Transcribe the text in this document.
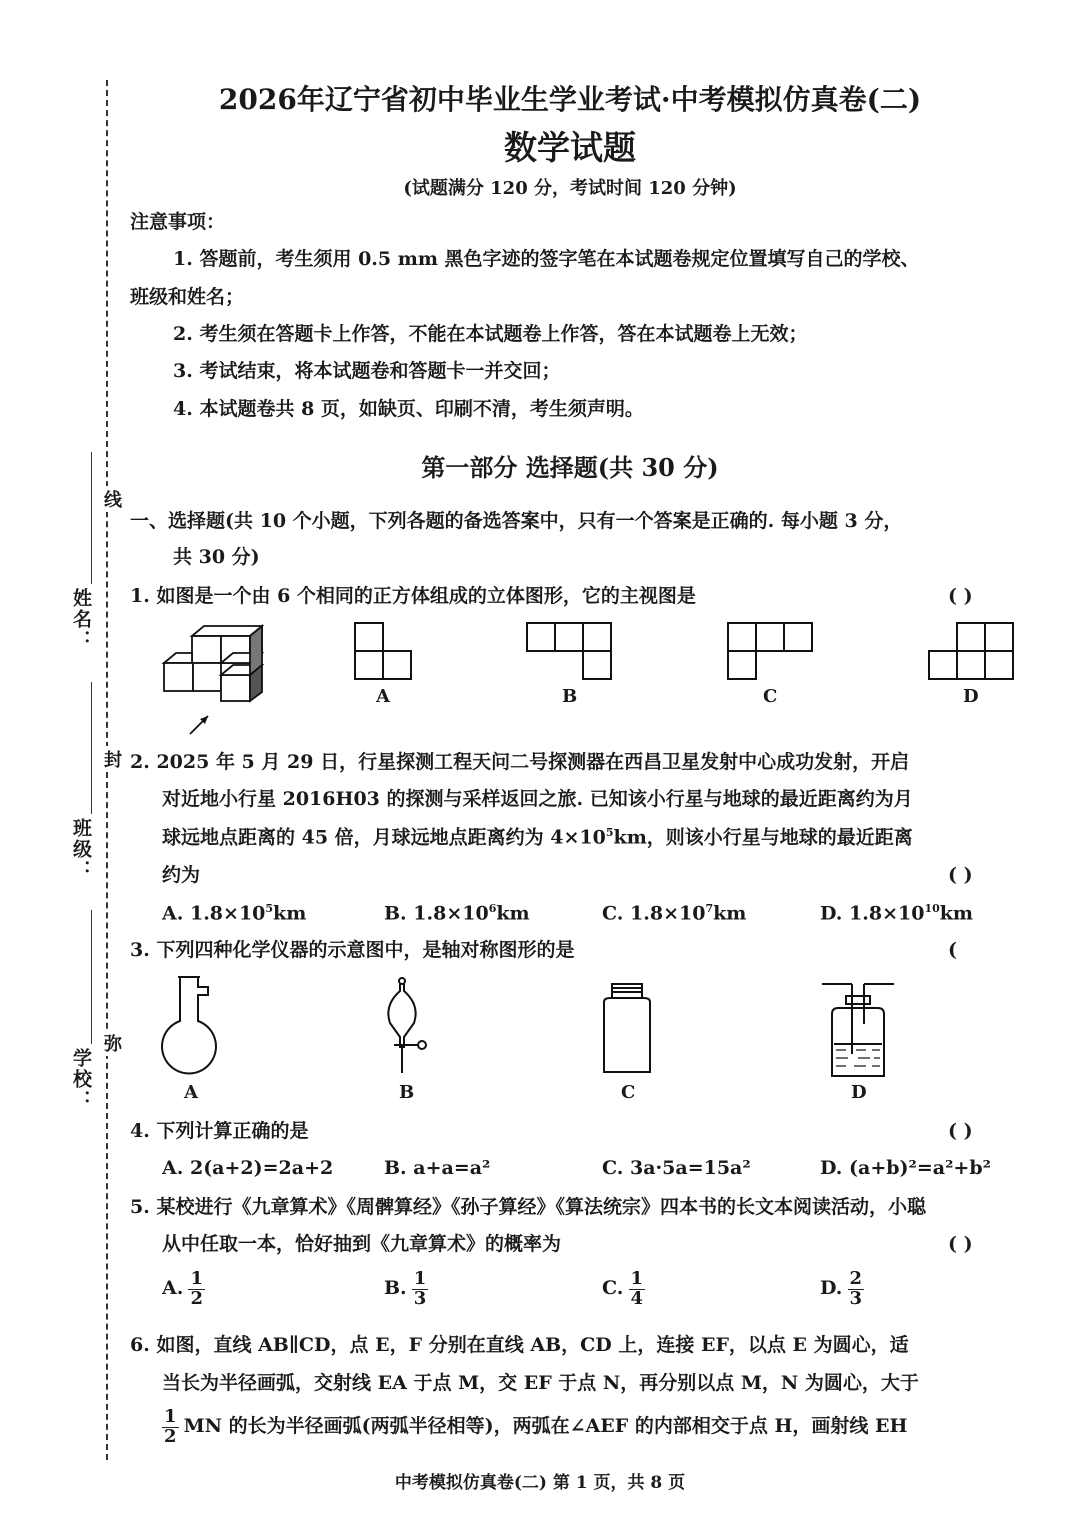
线
封
弥
姓名：
班级：
学校：
2026年辽宁省初中毕业生学业考试·中考模拟仿真卷(二)
数学试题
(试题满分 120 分，考试时间 120 分钟)
注意事项：
1. 答题前，考生须用 0.5 mm 黑色字迹的签字笔在本试题卷规定位置填写自己的学校、
班级和姓名；
2. 考生须在答题卡上作答，不能在本试题卷上作答，答在本试题卷上无效；
3. 考试结束，将本试题卷和答题卡一并交回；
4. 本试题卷共 8 页，如缺页、印刷不清，考生须声明。
第一部分 选择题(共 30 分)
一、选择题(共 10 个小题，下列各题的备选答案中，只有一个答案是正确的. 每小题 3 分，
共 30 分)
1. 如图是一个由 6 个相同的正方体组成的立体图形，它的主视图是	( )
A	B	C	D
2. 2025 年 5 月 29 日，行星探测工程天问二号探测器在西昌卫星发射中心成功发射，开启
对近地小行星 2016H03 的探测与采样返回之旅. 已知该小行星与地球的最近距离约为月
球远地点距离的 45 倍，月球远地点距离约为 $4\times 10^5km$，则该小行星与地球的最近距离
约为	( )
A. $1.8\times 10^5km$	B. $1.8\times 10^6km$	C. $1.8\times 10^7km$	D. $1.8\times 10^{10}km$
3. 下列四种化学仪器的示意图中，是轴对称图形的是	(
A	B	C	D
4. 下列计算正确的是	( )
A. 2(a+2)=2a+2	B. a+a=a²	C. 3a·5a=15a²	D. (a+b)²=a²+b²
5. 某校进行《九章算术》《周髀算经》《孙子算经》《算法统宗》四本书的长文本阅读活动，小聪
从中任取一本，恰好抽到《九章算术》的概率为	( )
A. $\frac{1}{2}$	B. $\frac{1}{3}$	C. $\frac{1}{4}$	D. $\frac{2}{3}$
6. 如图，直线 AB∥CD，点 E，F 分别在直线 AB，CD 上，连接 EF，以点 E 为圆心，适
当长为半径画弧，交射线 EA 于点 M，交 EF 于点 N，再分别以点 M，N 为圆心，大于
$\frac{1}{2}$ MN 的长为半径画弧(两弧半径相等)，两弧在∠AEF 的内部相交于点 H，画射线 EH
中考模拟仿真卷(二) 第 1 页，共 8 页
